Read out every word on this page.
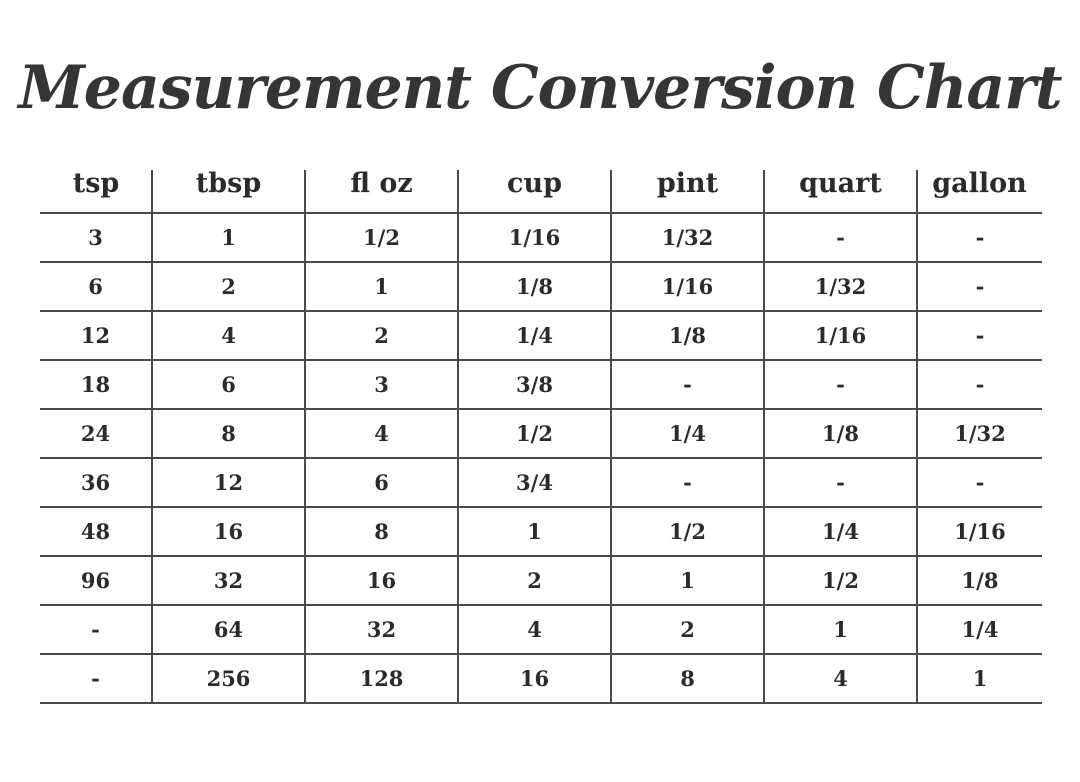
Measurement Conversion Chart
tsp	tbsp	fl oz	cup	pint	quart	gallon
3	1	1/2	1/16	1/32	-	-
6	2	1	1/8	1/16	1/32	-
12	4	2	1/4	1/8	1/16	-
18	6	3	3/8	-	-	-
24	8	4	1/2	1/4	1/8	1/32
36	12	6	3/4	-	-	-
48	16	8	1	1/2	1/4	1/16
96	32	16	2	1	1/2	1/8
-	64	32	4	2	1	1/4
-	256	128	16	8	4	1
